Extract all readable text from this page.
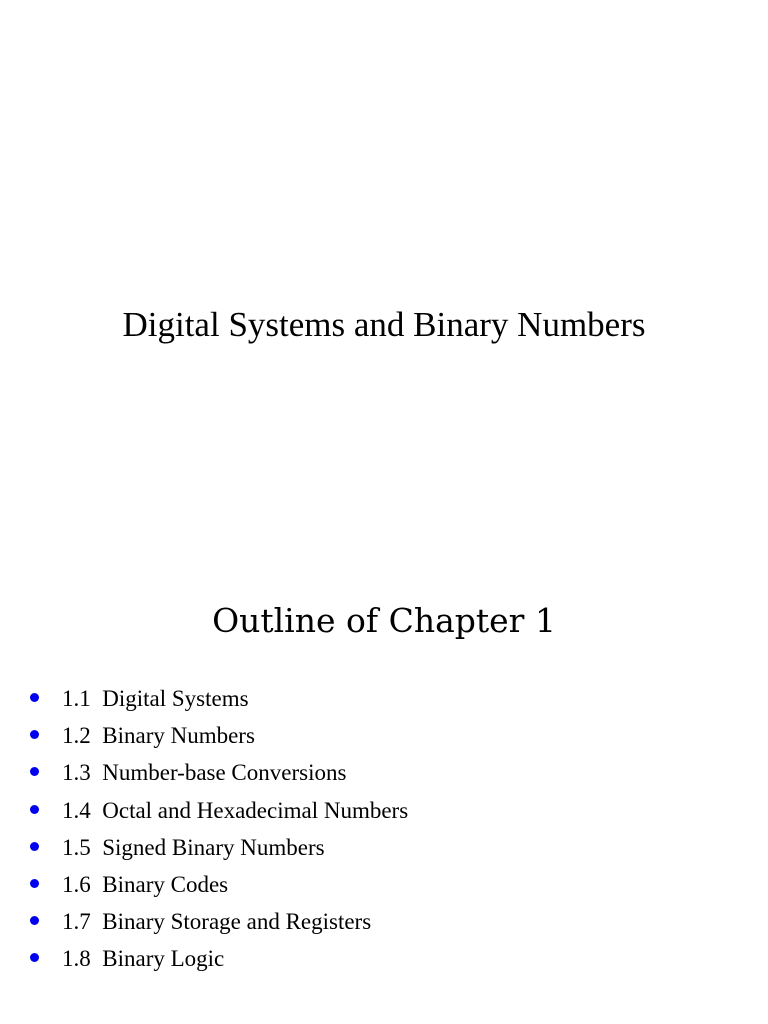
Digital Systems and Binary Numbers
Outline of Chapter 1
1.1  Digital Systems
1.2  Binary Numbers
1.3  Number-base Conversions
1.4  Octal and Hexadecimal Numbers
1.5  Signed Binary Numbers
1.6  Binary Codes
1.7  Binary Storage and Registers
1.8  Binary Logic
